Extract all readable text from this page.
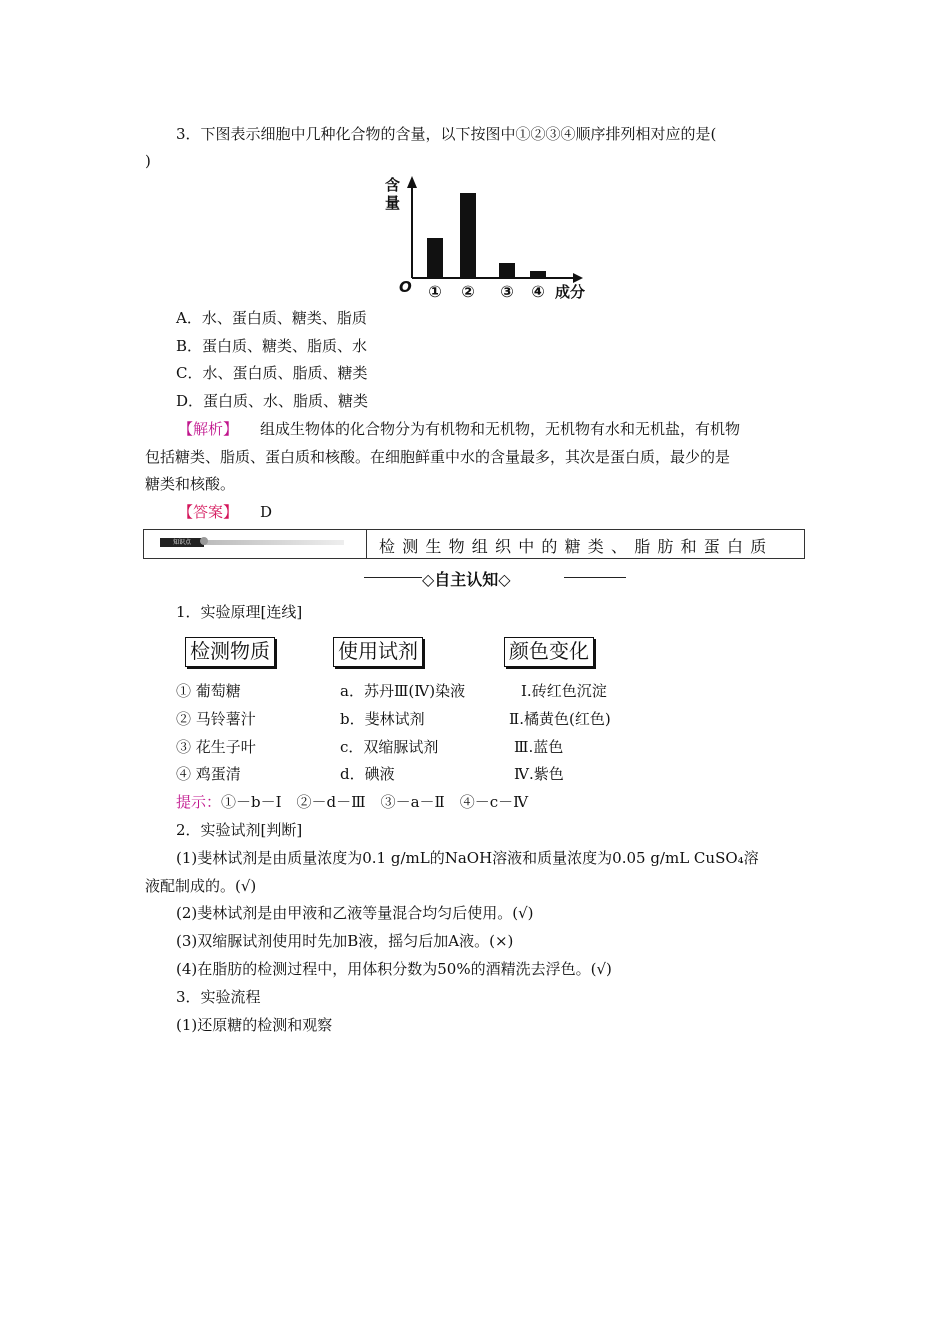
3．下图表示细胞中几种化合物的含量，以下按图中①②③④顺序排列相对应的是(
)
含
量
O ① ② ③ ④ 成分
A．水、蛋白质、糖类、脂质
B．蛋白质、糖类、脂质、水
C．水、蛋白质、脂质、糖类
D．蛋白质、水、脂质、糖类
【解析】 组成生物体的化合物分为有机物和无机物，无机物有水和无机盐，有机物
包括糖类、脂质、蛋白质和核酸。在细胞鲜重中水的含量最多，其次是蛋白质，最少的是
糖类和核酸。
【答案】 D
知识点	检测生物组织中的糖类、脂肪和蛋白质
◇自主认知◇
1．实验原理[连线]
检测物质	使用试剂	颜色变化
① 葡萄糖	a．苏丹Ⅲ(Ⅳ)染液	Ⅰ.砖红色沉淀
② 马铃薯汁	b．斐林试剂	Ⅱ.橘黄色(红色)
③ 花生子叶	c．双缩脲试剂	Ⅲ.蓝色
④ 鸡蛋清	d．碘液	Ⅳ.紫色
提示：①－b－Ⅰ　②－d－Ⅲ　③－a－Ⅱ　④－c－Ⅳ
2．实验试剂[判断]
(1)斐林试剂是由质量浓度为0.1 g/mL的NaOH溶液和质量浓度为0.05 g/mL CuSO₄溶
液配制成的。(√)
(2)斐林试剂是由甲液和乙液等量混合均匀后使用。(√)
(3)双缩脲试剂使用时先加B液，摇匀后加A液。(×)
(4)在脂肪的检测过程中，用体积分数为50%的酒精洗去浮色。(√)
3．实验流程
(1)还原糖的检测和观察
